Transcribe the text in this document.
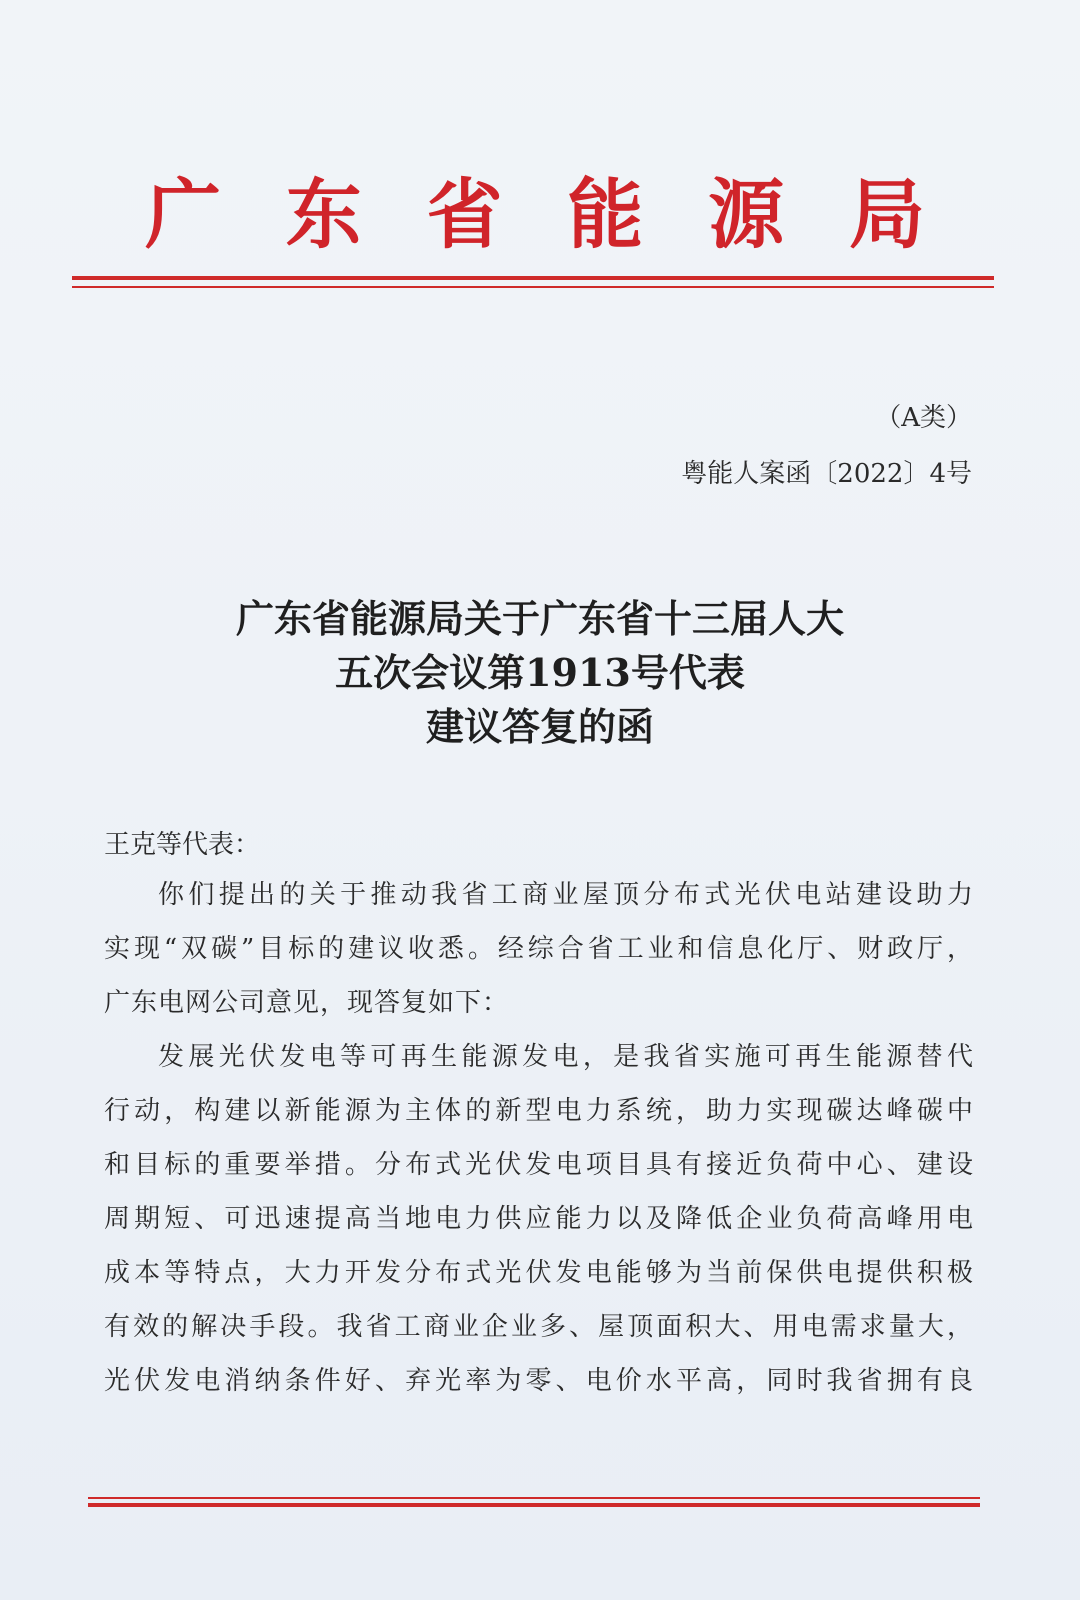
广 东 省 能 源 局
（A类）
粤能人案函〔2022〕4号
广东省能源局关于广东省十三届人大
五次会议第1913号代表
建议答复的函
王克等代表：
你们提出的关于推动我省工商业屋顶分布式光伏电站建设助力
实现“双碳”目标的建议收悉。经综合省工业和信息化厅、财政厅，
广东电网公司意见，现答复如下：
发展光伏发电等可再生能源发电，是我省实施可再生能源替代
行动，构建以新能源为主体的新型电力系统，助力实现碳达峰碳中
和目标的重要举措。分布式光伏发电项目具有接近负荷中心、建设
周期短、可迅速提高当地电力供应能力以及降低企业负荷高峰用电
成本等特点，大力开发分布式光伏发电能够为当前保供电提供积极
有效的解决手段。我省工商业企业多、屋顶面积大、用电需求量大，
光伏发电消纳条件好、弃光率为零、电价水平高，同时我省拥有良
